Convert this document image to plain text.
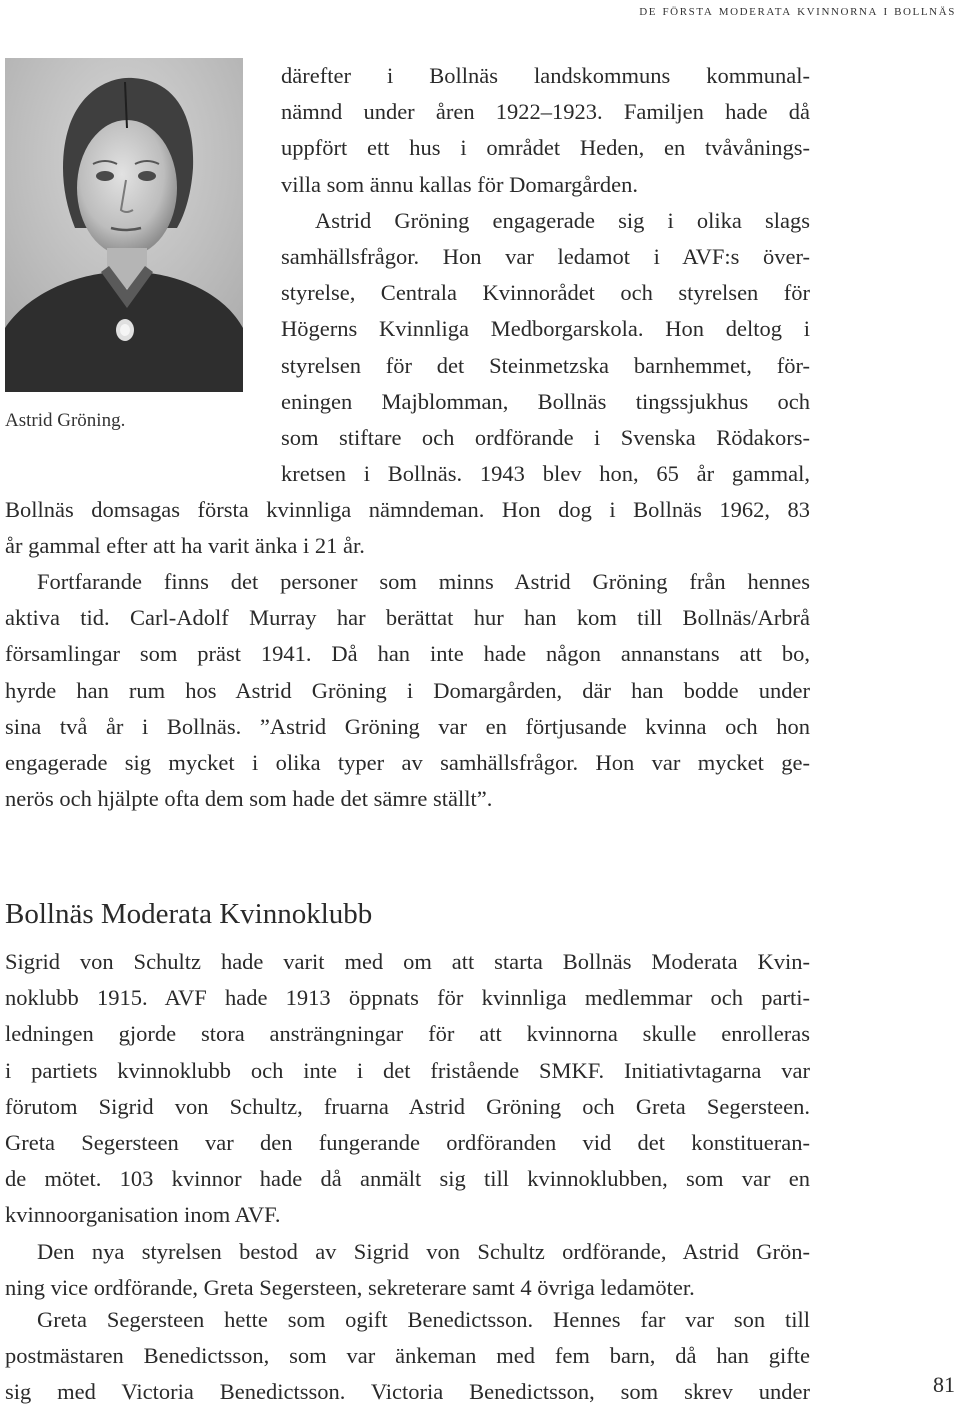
de första moderata kvinnorna i bollnäs
Astrid Gröning.
därefter i Bollnäs landskommuns kommunal-
nämnd under åren 1922–1923. Familjen hade då
uppfört ett hus i området Heden, en tvåvånings-
villa som ännu kallas för Domargården.
Astrid Gröning engagerade sig i olika slags
samhällsfrågor. Hon var ledamot i AVF:s över-
styrelse, Centrala Kvinnorådet och styrelsen för
Högerns Kvinnliga Medborgarskola. Hon deltog i
styrelsen för det Steinmetzska barnhemmet, för-
eningen Majblomman, Bollnäs tingssjukhus och
som stiftare och ordförande i Svenska Rödakors-
kretsen i Bollnäs. 1943 blev hon, 65 år gammal,
Bollnäs domsagas första kvinnliga nämndeman. Hon dog i Bollnäs 1962, 83
år gammal efter att ha varit änka i 21 år.
Fortfarande finns det personer som minns Astrid Gröning från hennes
aktiva tid. Carl-Adolf Murray har berättat hur han kom till Bollnäs/Arbrå
församlingar som präst 1941. Då han inte hade någon annanstans att bo,
hyrde han rum hos Astrid Gröning i Domargården, där han bodde under
sina två år i Bollnäs. ”Astrid Gröning var en förtjusande kvinna och hon
engagerade sig mycket i olika typer av samhällsfrågor. Hon var mycket ge-
nerös och hjälpte ofta dem som hade det sämre ställt”.
Bollnäs Moderata Kvinnoklubb
Sigrid von Schultz hade varit med om att starta Bollnäs Moderata Kvin-
noklubb 1915. AVF hade 1913 öppnats för kvinnliga medlemmar och parti-
ledningen gjorde stora ansträngningar för att kvinnorna skulle enrolleras
i partiets kvinnoklubb och inte i det fristående SMKF. Initiativtagarna var
förutom Sigrid von Schultz, fruarna Astrid Gröning och Greta Segersteen.
Greta Segersteen var den fungerande ordföranden vid det konstitueran-
de mötet. 103 kvinnor hade då anmält sig till kvinnoklubben, som var en
kvinnoorganisation inom AVF.
Den nya styrelsen bestod av Sigrid von Schultz ordförande, Astrid Grön-
ning vice ordförande, Greta Segersteen, sekreterare samt 4 övriga ledamöter.
Greta Segersteen hette som ogift Benedictsson. Hennes far var son till
postmästaren Benedictsson, som var änkeman med fem barn, då han gifte
sig med Victoria Benedictsson. Victoria Benedictsson, som skrev under	81
